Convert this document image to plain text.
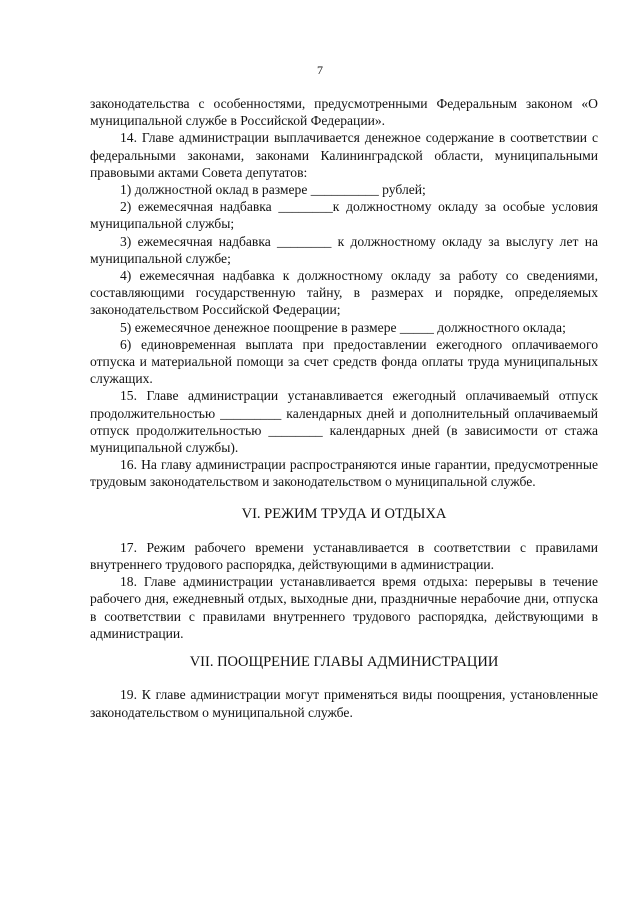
7

законодательства с особенностями, предусмотренными Федеральным законом «О муниципальной службе в Российской Федерации».

14. Главе администрации выплачивается денежное содержание в соответствии с федеральными законами, законами Калининградской области, муниципальными правовыми актами Совета депутатов:

1) должностной оклад в размере __________ рублей;

2) ежемесячная надбавка ________к должностному окладу за особые условия муниципальной службы;

3) ежемесячная надбавка ________ к должностному окладу за выслугу лет на муниципальной службе;

4) ежемесячная надбавка к должностному окладу за работу со сведениями, составляющими государственную тайну, в размерах и порядке, определяемых законодательством Российской Федерации;

5) ежемесячное денежное поощрение в размере _____ должностного оклада;

6) единовременная выплата при предоставлении ежегодного оплачиваемого отпуска и материальной помощи за счет средств фонда оплаты труда муниципальных служащих.

15. Главе администрации устанавливается ежегодный оплачиваемый отпуск продолжительностью _________ календарных дней и дополнительный оплачиваемый отпуск продолжительностью ________ календарных дней (в зависимости от стажа муниципальной службы).

16. На главу администрации распространяются иные гарантии, предусмотренные трудовым законодательством и законодательством о муниципальной службе.

VI. РЕЖИМ ТРУДА И ОТДЫХА

17. Режим рабочего времени устанавливается в соответствии с правилами внутреннего трудового распорядка, действующими в администрации.

18. Главе администрации устанавливается время отдыха: перерывы в течение рабочего дня, ежедневный отдых, выходные дни, праздничные нерабочие дни, отпуска в соответствии с правилами внутреннего трудового распорядка, действующими в администрации.

VII. ПООЩРЕНИЕ ГЛАВЫ АДМИНИСТРАЦИИ

19. К главе администрации могут применяться виды поощрения, установленные законодательством о муниципальной службе.
